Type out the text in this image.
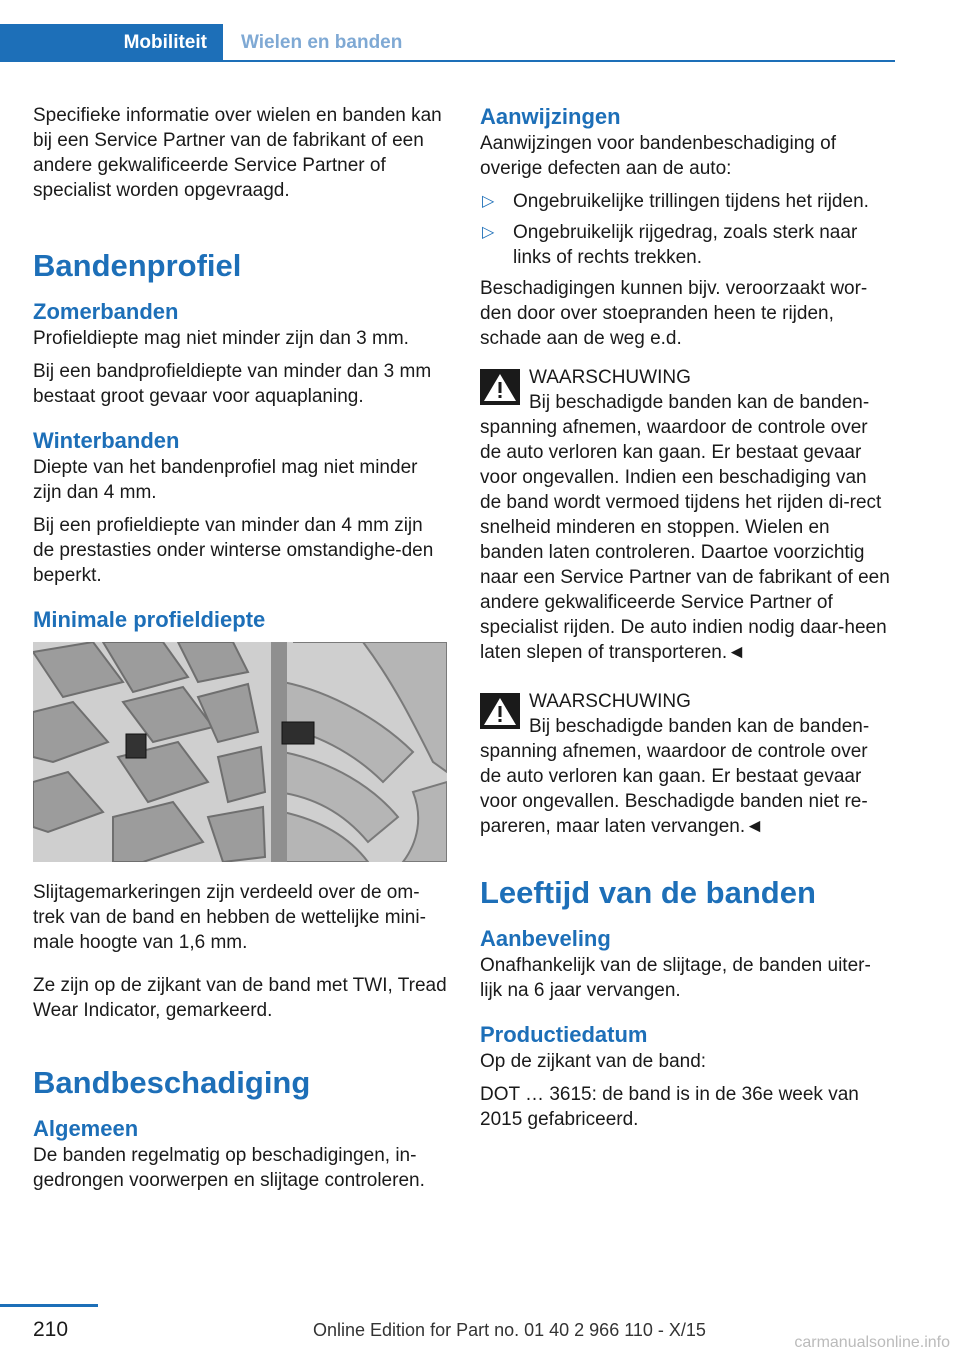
Mobiliteit	Wielen en banden

Specifieke informatie over wielen en banden kan bij een Service Partner van de fabrikant of een andere gekwalificeerde Service Partner of specialist worden opgevraagd.

Bandenprofiel
Zomerbanden

Profieldiepte mag niet minder zijn dan 3 mm.

Bij een bandprofieldiepte van minder dan 3 mm bestaat groot gevaar voor aquaplaning.

Winterbanden

Diepte van het bandenprofiel mag niet minder zijn dan 4 mm.

Bij een profieldiepte van minder dan 4 mm zijn de prestasties onder winterse omstandighe‐den beperkt.

Minimale profieldiepte

Slijtagemarkeringen zijn verdeeld over de om‐trek van de band en hebben de wettelijke mini‐male hoogte van 1,6 mm.

Ze zijn op de zijkant van de band met TWI, Tread Wear Indicator, gemarkeerd.

Bandbeschadiging
Algemeen

De banden regelmatig op beschadigingen, in‐gedrongen voorwerpen en slijtage controleren.

Aanwijzingen

Aanwijzingen voor bandenbeschadiging of overige defecten aan de auto:

▷ Ongebruikelijke trillingen tijdens het rijden.
▷ Ongebruikelijk rijgedrag, zoals sterk naar links of rechts trekken.

Beschadigingen kunnen bijv. veroorzaakt wor‐den door over stoepranden heen te rijden, schade aan de weg e.d.

WAARSCHUWING
Bij beschadigde banden kan de banden‐
spanning afnemen, waardoor de controle over de auto verloren kan gaan. Er bestaat gevaar voor ongevallen. Indien een beschadiging van de band wordt vermoed tijdens het rijden di‐rect snelheid minderen en stoppen. Wielen en banden laten controleren. Daartoe voorzichtig naar een Service Partner van de fabrikant of een andere gekwalificeerde Service Partner of specialist rijden. De auto indien nodig daar‐heen laten slepen of transporteren.◄
WAARSCHUWING
Bij beschadigde banden kan de banden‐
spanning afnemen, waardoor de controle over de auto verloren kan gaan. Er bestaat gevaar voor ongevallen. Beschadigde banden niet re‐pareren, maar laten vervangen.◄
Leeftijd van de banden
Aanbeveling

Onafhankelijk van de slijtage, de banden uiter‐lijk na 6 jaar vervangen.

Productiedatum

Op de zijkant van de band:

DOT … 3615: de band is in de 36e week van 2015 gefabriceerd.

210	Online Edition for Part no. 01 40 2 966 110 - X/15
carmanualsonline.info
